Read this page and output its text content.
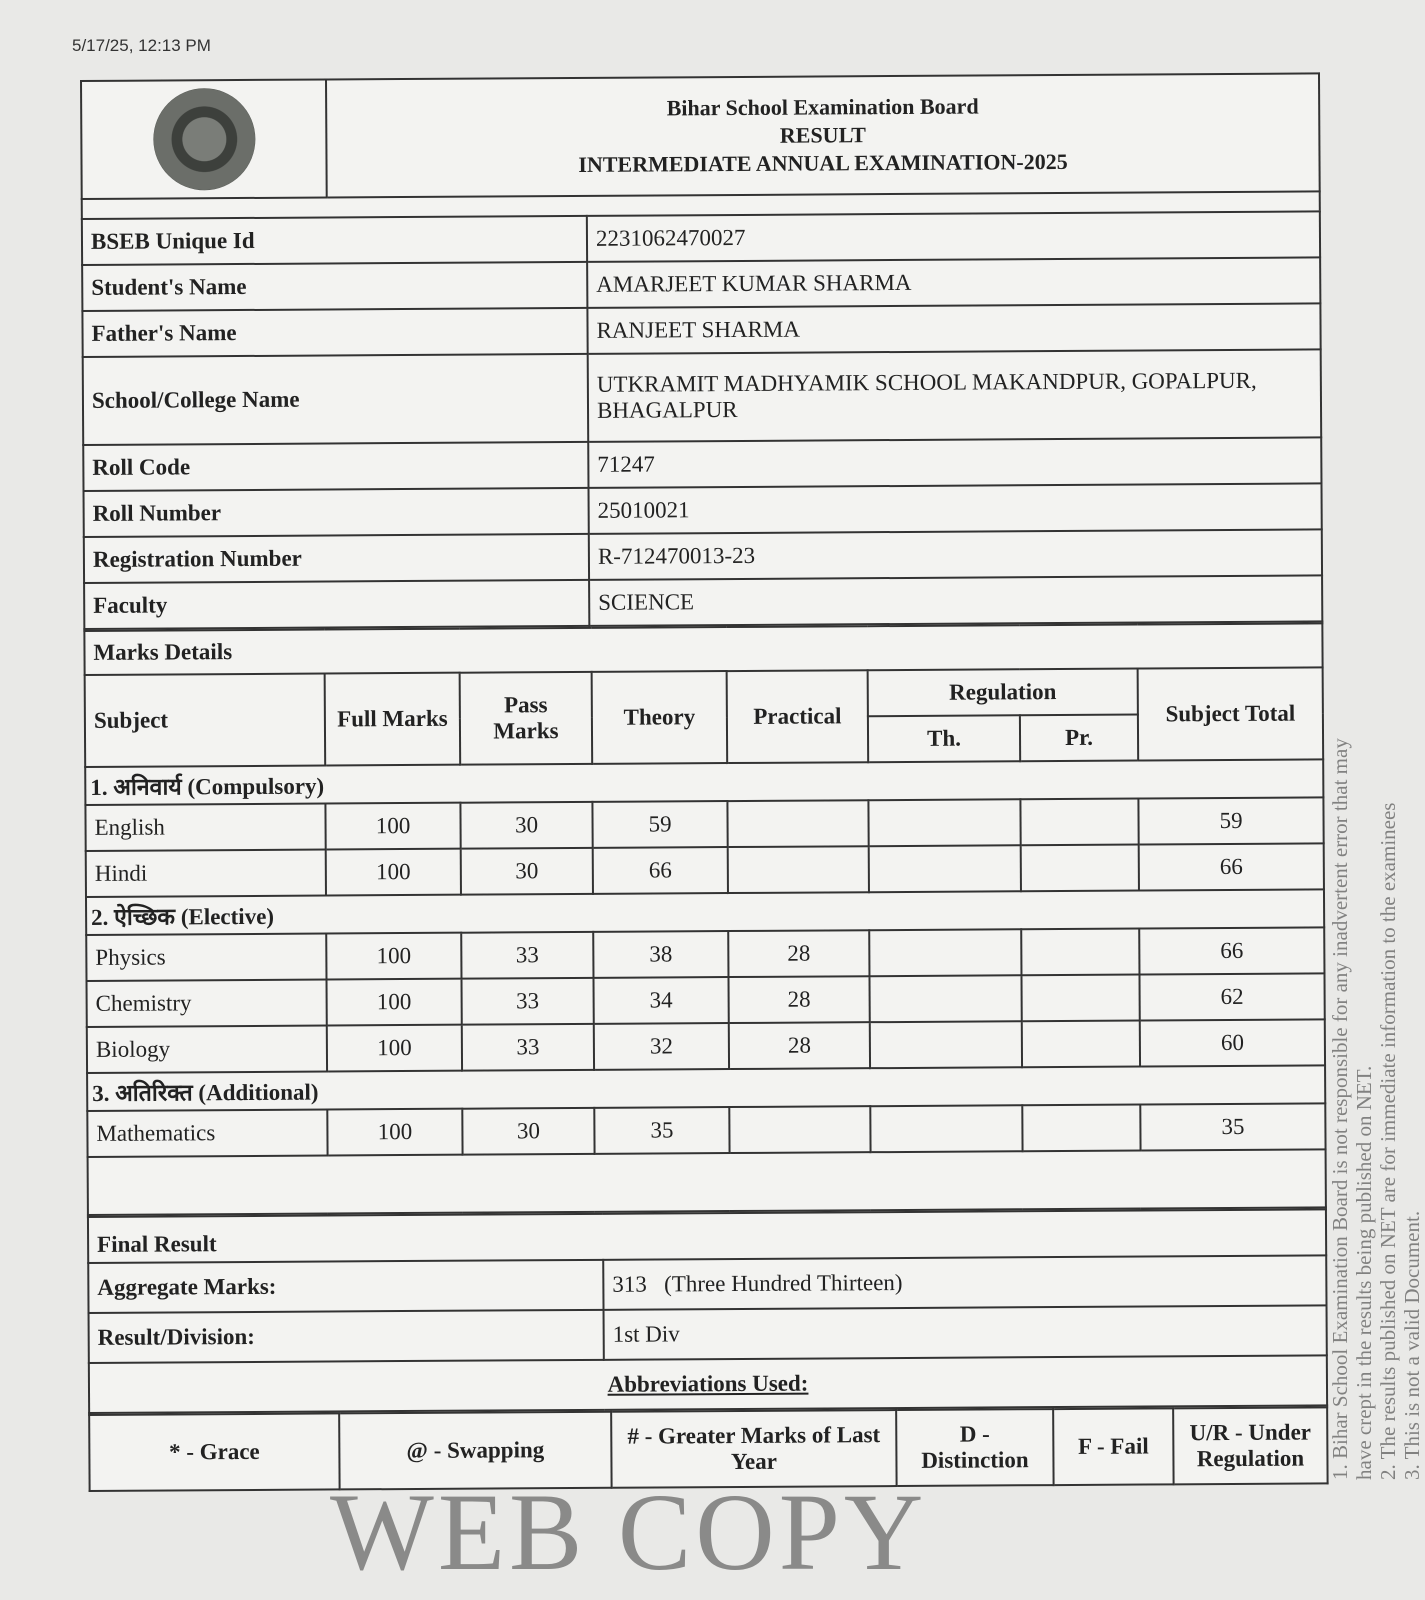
5/17/25, 12:13 PM

Bihar School Examination Board
RESULT
INTERMEDIATE ANNUAL EXAMINATION-2025
BSEB Unique Id	2231062470027
Student's Name	AMARJEET KUMAR SHARMA
Father's Name	RANJEET SHARMA
School/College Name	UTKRAMIT MADHYAMIK SCHOOL MAKANDPUR, GOPALPUR, BHAGALPUR
Roll Code	71247
Roll Number	25010021
Registration Number	R-712470013-23
Faculty	SCIENCE
Marks Details							
Subject	Full Marks	Pass Marks	Theory	Practical	Regulation		Subject Total
					Th.	Pr.	
1. अनिवार्य (Compulsory)							
English	100	30	59				59
Hindi	100	30	66				66
2. ऐच्छिक (Elective)							
Physics	100	33	38	28			66
Chemistry	100	33	34	28			62
Biology	100	33	32	28			60
3. अतिरिक्त (Additional)							
Mathematics	100	30	35				35

Final Result	
Aggregate Marks:	313 (Three Hundred Thirteen)
Result/Division:	1st Div
Abbreviations Used:	
* - Grace	@ - Swapping	# - Greater Marks of Last Year	D - Distinction	F - Fail	U/R - Under Regulation
WEB COPY
1. Bihar School Examination Board is not responsible for any inadvertent error that may have crept in the results being published on NET. 2. The results published on NET are for immediate information to the examinees 3. This is not a valid Document.
